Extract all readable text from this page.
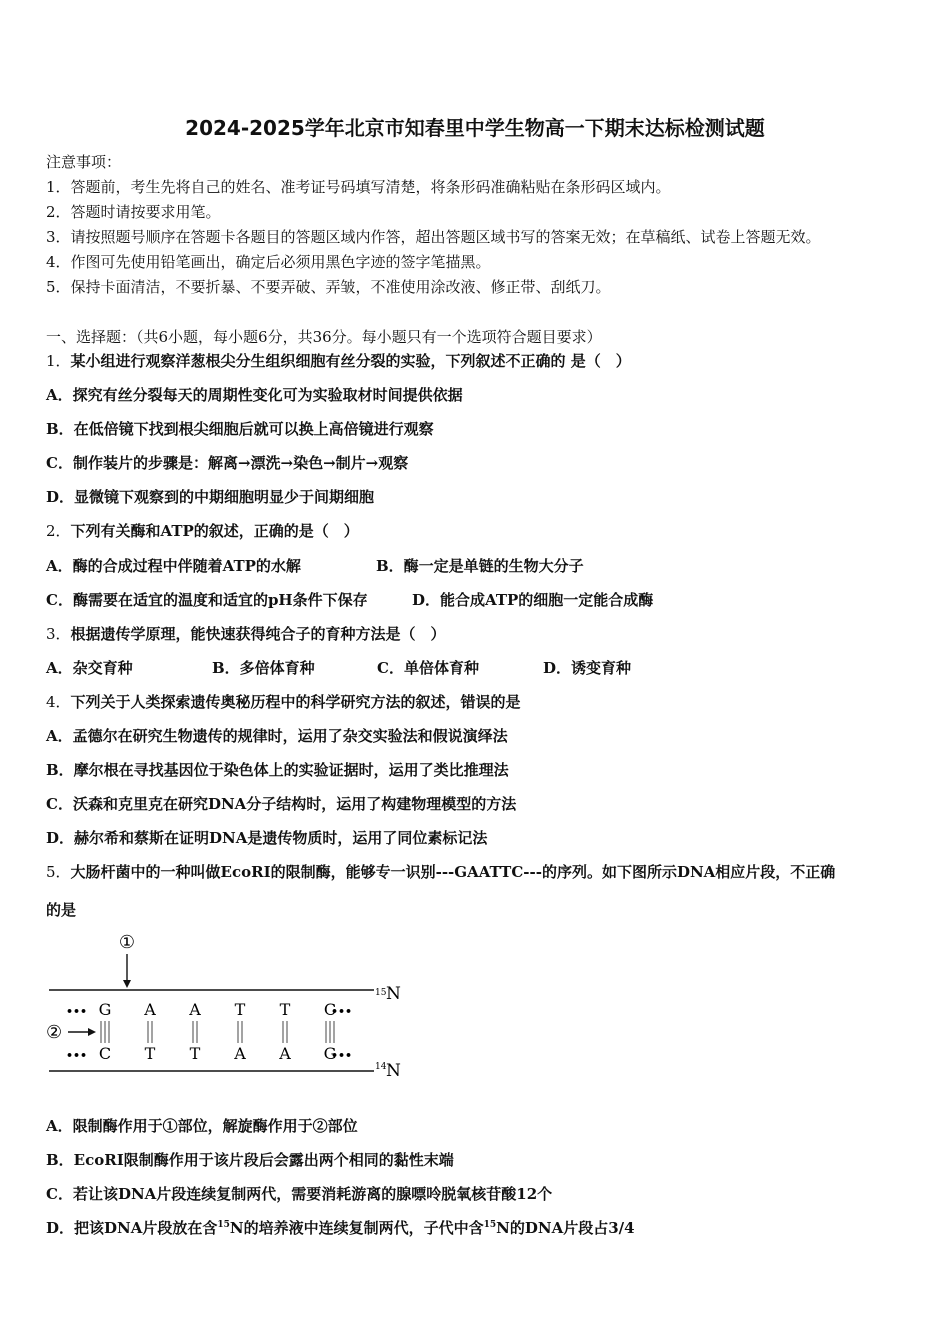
2024-2025学年北京市知春里中学生物高一下期末达标检测试题
注意事项：
1．答题前，考生先将自己的姓名、准考证号码填写清楚，将条形码准确粘贴在条形码区域内。
2．答题时请按要求用笔。
3．请按照题号顺序在答题卡各题目的答题区域内作答，超出答题区域书写的答案无效；在草稿纸、试卷上答题无效。
4．作图可先使用铅笔画出，确定后必须用黑色字迹的签字笔描黑。
5．保持卡面清洁，不要折暴、不要弄破、弄皱，不准使用涂改液、修正带、刮纸刀。
一、选择题：（共6小题，每小题6分，共36分。每小题只有一个选项符合题目要求）
1．某小组进行观察洋葱根尖分生组织细胞有丝分裂的实验，下列叙述不正确的 是（　）
A．探究有丝分裂每天的周期性变化可为实验取材时间提供依据
B．在低倍镜下找到根尖细胞后就可以换上高倍镜进行观察
C．制作装片的步骤是：解离→漂洗→染色→制片→观察
D．显微镜下观察到的中期细胞明显少于间期细胞
2．下列有关酶和ATP的叙述，正确的是（　）
A．酶的合成过程中伴随着ATP的水解	B．酶一定是单链的生物大分子
C．酶需要在适宜的温度和适宜的pH条件下保存	D．能合成ATP的细胞一定能合成酶
3．根据遗传学原理，能快速获得纯合子的育种方法是（　）
A．杂交育种	B．多倍体育种	C．单倍体育种	D．诱变育种
4．下列关于人类探索遗传奥秘历程中的科学研究方法的叙述，错误的是
A．孟德尔在研究生物遗传的规律时，运用了杂交实验法和假说演绎法
B．摩尔根在寻找基因位于染色体上的实验证据时，运用了类比推理法
C．沃森和克里克在研究DNA分子结构时，运用了构建物理模型的方法
D．赫尔希和蔡斯在证明DNA是遗传物质时，运用了同位素标记法
5．大肠杆菌中的一种叫做EcoRI的限制酶，能够专一识别---GAATTC---的序列。如下图所示DNA相应片段，不正确
的是
①
15 N
14 N
•••	•••
•••	•••
②
G
C
A
T
A
T
T
A
T
A
C
G
A．限制酶作用于①部位，解旋酶作用于②部位
B．EcoRI限制酶作用于该片段后会露出两个相同的黏性末端
C．若让该DNA片段连续复制两代，需要消耗游离的腺嘌呤脱氧核苷酸12个
D．把该DNA片段放在含$^{15}$N的培养液中连续复制两代，子代中含$^{15}$N的DNA片段占3/4
